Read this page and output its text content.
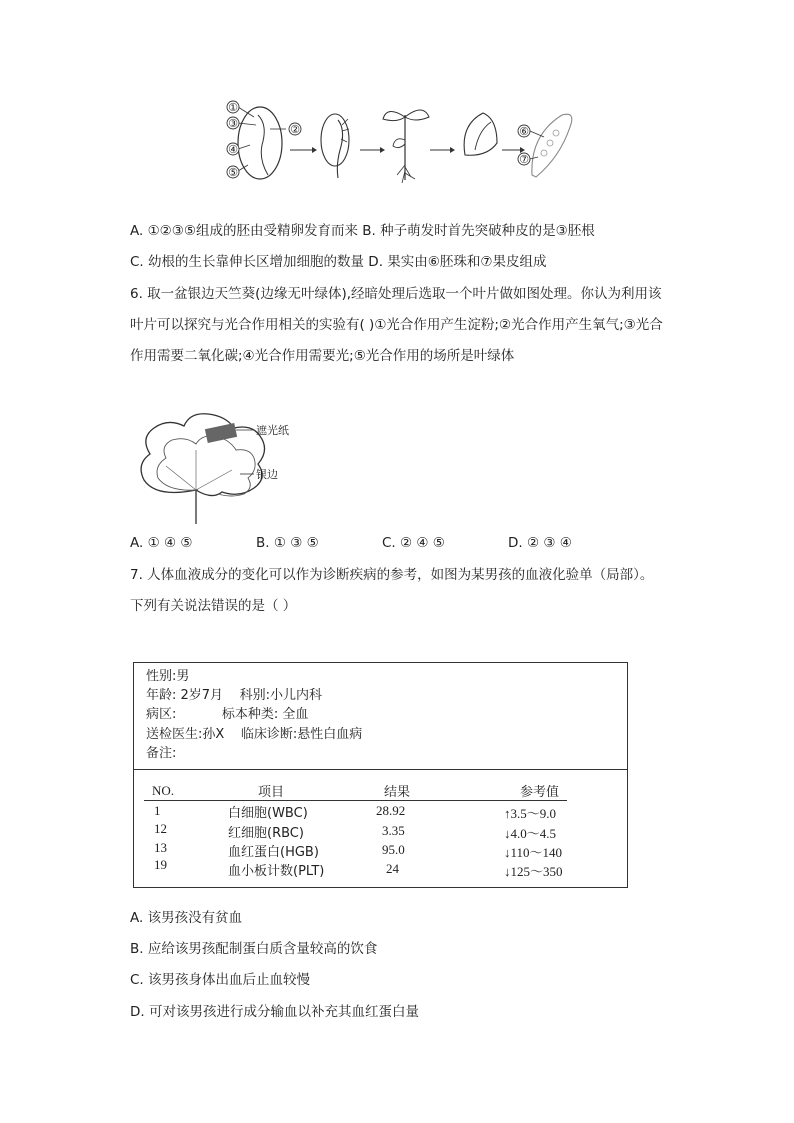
①
③
④
⑤
②	⑥
⑦
A. ①②③⑤组成的胚由受精卵发育而来 B. 种子萌发时首先突破种皮的是③胚根
C. 幼根的生长靠伸长区增加细胞的数量 D. 果实由⑥胚珠和⑦果皮组成
6. 取一盆银边天竺葵(边缘无叶绿体),经暗处理后选取一个叶片做如图处理。你认为利用该
叶片可以探究与光合作用相关的实验有( )①光合作用产生淀粉;②光合作用产生氧气;③光合
作用需要二氧化碳;④光合作用需要光;⑤光合作用的场所是叶绿体
遮光纸
银边
A. ① ④ ⑤	B. ① ③ ⑤	C. ② ④ ⑤	D. ② ③ ④
7. 人体血液成分的变化可以作为诊断疾病的参考，如图为某男孩的血液化验单（局部）。
下列有关说法错误的是（ ）
性别:男
年龄: 2岁7月    科别:小儿内科
病区:           标本种类: 全血
送检医生:孙X    临床诊断:悬性白血病
备注:
NO.	项目	结果	参考值
1	白细胞(WBC)	28.92	↑3.5～9.0
12	红细胞(RBC)	3.35	↓4.0～4.5
13	血红蛋白(HGB)	95.0	↓110～140
19	血小板计数(PLT)	24	↓125～350
A. 该男孩没有贫血
B. 应给该男孩配制蛋白质含量较高的饮食
C. 该男孩身体出血后止血较慢
D. 可对该男孩进行成分输血以补充其血红蛋白量
